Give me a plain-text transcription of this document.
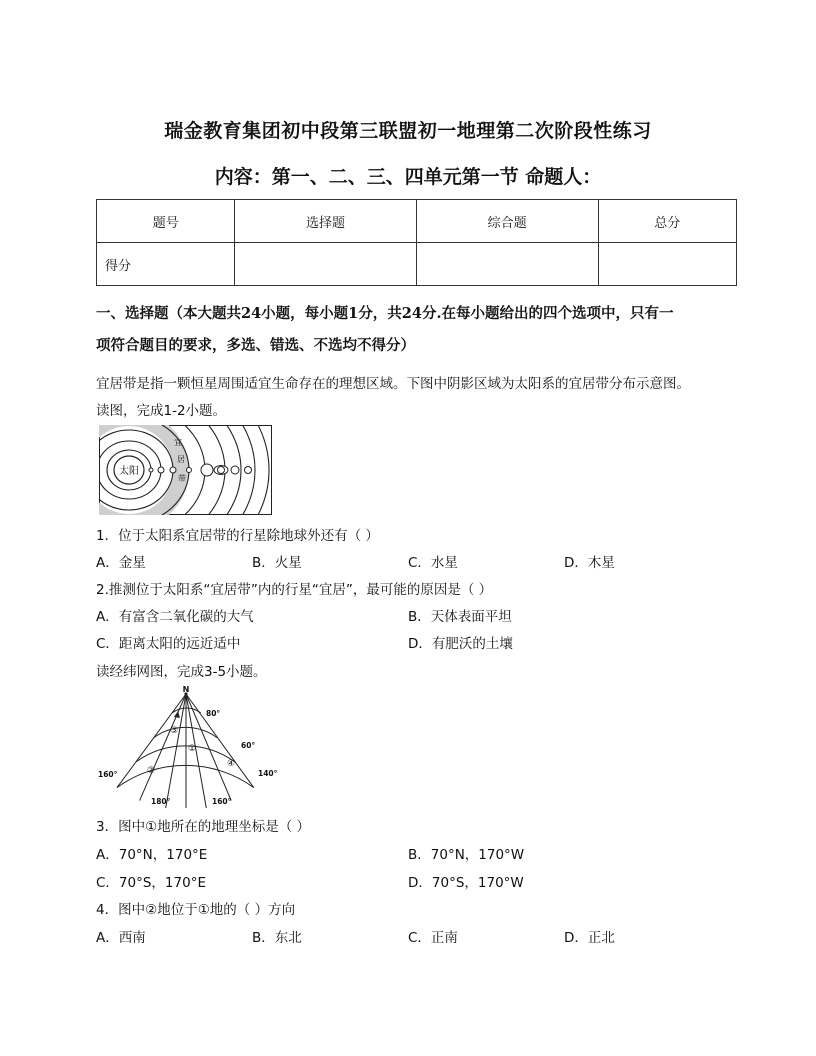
瑞金教育集团初中段第三联盟初一地理第二次阶段性练习
内容：第一、二、三、四单元第一节 命题人：
题号	选择题	综合题	总分
得分			
一、选择题（本大题共24小题，每小题1分，共24分.在每小题给出的四个选项中，只有一
项符合题目的要求，多选、错选、不选均不得分）
宜居带是指一颗恒星周围适宜生命存在的理想区域。下图中阴影区域为太阳系的宜居带分布示意图。
读图，完成1-2小题。
太阳
宜
居
带
1．位于太阳系宜居带的行星除地球外还有（ ）
A．金星	B．火星	C．水星	D．木星
2.推测位于太阳系“宜居带”内的行星“宜居”，最可能的原因是（ ）
A．有富含二氧化碳的大气	B．天体表面平坦
C．距离太阳的远近适中	D．有肥沃的土壤
读经纬网图，完成3-5小题。
N
80°
60°
160°	140°
180°	160°
③
①
②
④
3．图中①地所在的地理坐标是（ ）
A．70°N，170°E	B．70°N，170°W
C．70°S，170°E	D．70°S，170°W
4．图中②地位于①地的（ ）方向
A．西南	B．东北	C．正南	D．正北
